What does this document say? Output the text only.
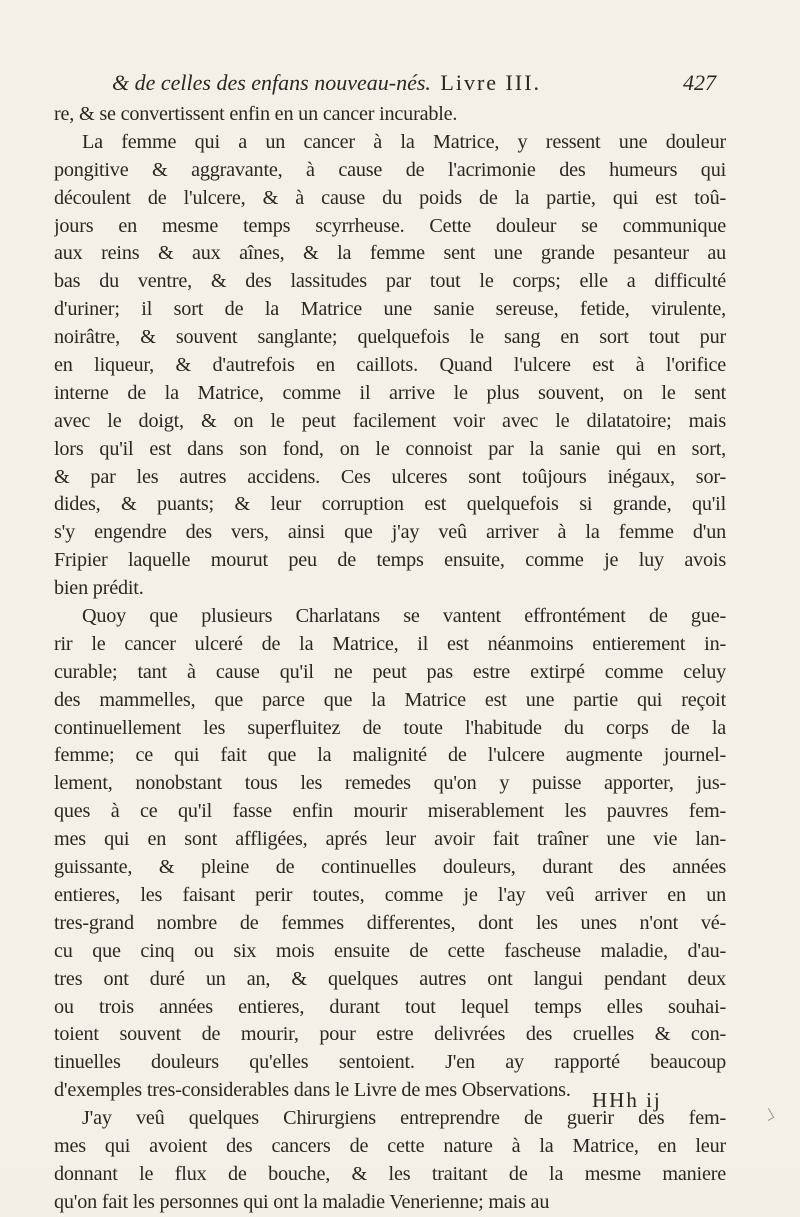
& de celles des enfans nouveau-nés. Livre III.	427
re, & se convertissent enfin en un cancer incurable.
La femme qui a un cancer à la Matrice, y ressent une douleur
pongitive & aggravante, à cause de l'acrimonie des humeurs qui
découlent de l'ulcere, & à cause du poids de la partie, qui est toû-
jours en mesme temps scyrrheuse. Cette douleur se communique
aux reins & aux aînes, & la femme sent une grande pesanteur au
bas du ventre, & des lassitudes par tout le corps; elle a difficulté
d'uriner; il sort de la Matrice une sanie sereuse, fetide, virulente,
noirâtre, & souvent sanglante; quelquefois le sang en sort tout pur
en liqueur, & d'autrefois en caillots. Quand l'ulcere est à l'orifice
interne de la Matrice, comme il arrive le plus souvent, on le sent
avec le doigt, & on le peut facilement voir avec le dilatatoire; mais
lors qu'il est dans son fond, on le connoist par la sanie qui en sort,
& par les autres accidens. Ces ulceres sont toûjours inégaux, sor-
dides, & puants; & leur corruption est quelquefois si grande, qu'il
s'y engendre des vers, ainsi que j'ay veû arriver à la femme d'un
Fripier laquelle mourut peu de temps ensuite, comme je luy avois
bien prédit.
Quoy que plusieurs Charlatans se vantent effrontément de gue-
rir le cancer ulceré de la Matrice, il est néanmoins entierement in-
curable; tant à cause qu'il ne peut pas estre extirpé comme celuy
des mammelles, que parce que la Matrice est une partie qui reçoit
continuellement les superfluitez de toute l'habitude du corps de la
femme; ce qui fait que la malignité de l'ulcere augmente journel-
lement, nonobstant tous les remedes qu'on y puisse apporter, jus-
ques à ce qu'il fasse enfin mourir miserablement les pauvres fem-
mes qui en sont affligées, aprés leur avoir fait traîner une vie lan-
guissante, & pleine de continuelles douleurs, durant des années
entieres, les faisant perir toutes, comme je l'ay veû arriver en un
tres-grand nombre de femmes differentes, dont les unes n'ont vé-
cu que cinq ou six mois ensuite de cette fascheuse maladie, d'au-
tres ont duré un an, & quelques autres ont langui pendant deux
ou trois années entieres, durant tout lequel temps elles souhai-
toient souvent de mourir, pour estre delivrées des cruelles & con-
tinuelles douleurs qu'elles sentoient. J'en ay rapporté beaucoup
d'exemples tres-considerables dans le Livre de mes Observations.
J'ay veû quelques Chirurgiens entreprendre de guerir des fem-
mes qui avoient des cancers de cette nature à la Matrice, en leur
donnant le flux de bouche, & les traitant de la mesme maniere
qu'on fait les personnes qui ont la maladie Venerienne; mais au
HHh ij
